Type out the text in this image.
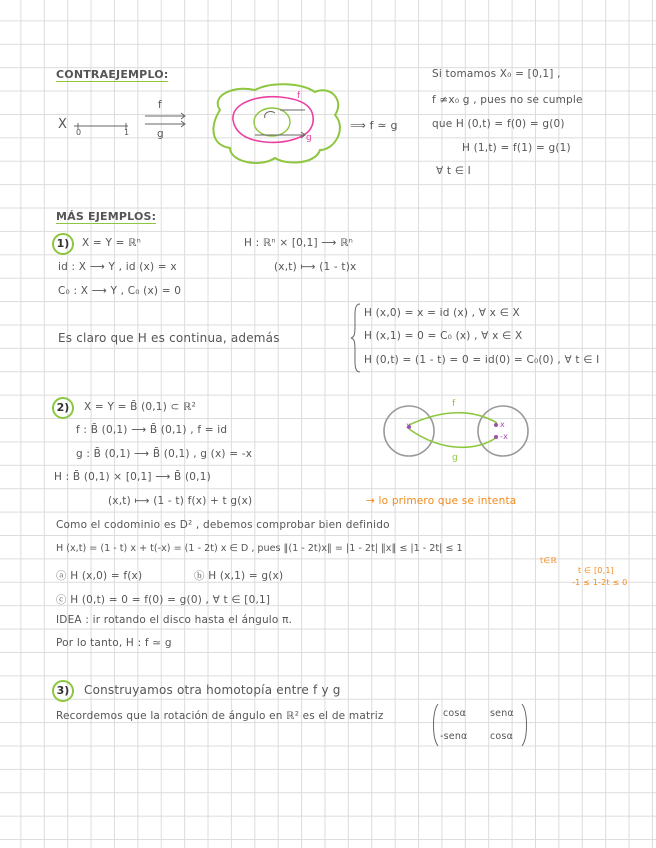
CONTRAEJEMPLO:
X
0	1
f
g
f
g
⟹ f ≃ g
Si tomamos X₀ = [0,1] ,
f ≄x₀ g , pues no se cumple
que H (0,t) = f(0) = g(0)
H (1,t) = f(1) = g(1)
∀ t ∈ I
MÁS EJEMPLOS:
1)	X = Y = ℝⁿ	H : ℝⁿ × [0,1] ⟶ ℝⁿ
id : X ⟶ Y , id (x) = x	(x,t) ⟼ (1 - t)x
C₀ : X ⟶ Y , C₀ (x) = 0
Es claro que H es continua, además
H (x,0) = x = id (x) , ∀ x ∈ X
H (x,1) = 0 = C₀ (x) , ∀ x ∈ X
H (0,t) = (1 - t) = 0 = id(0) = C₀(0) , ∀ t ∈ I
2)	X = Y = B̄ (0,1) ⊂ ℝ²
f : B̄ (0,1) ⟶ B̄ (0,1) , f = id
g : B̄ (0,1) ⟶ B̄ (0,1) , g (x) = -x
H : B̄ (0,1) × [0,1] ⟶ B̄ (0,1)
(x,t) ⟼ (1 - t) f(x) + t g(x)	→ lo primero que se intenta
f
g
x	x
-x
Como el codominio es D² , debemos comprobar bien definido
H (x,t) = (1 - t) x + t(-x) = (1 - 2t) x ∈ D , pues ‖(1 - 2t)x‖ = |1 - 2t| ‖x‖ ≤ |1 - 2t| ≤ 1
t∈ℝ
t ∈ [0,1]
-1 ≤ 1-2t ≤ 0
ⓐ H (x,0) = f(x)	ⓑ H (x,1) = g(x)
ⓒ H (0,t) = 0 = f(0) = g(0) , ∀ t ∈ [0,1]
IDEA : ir rotando el disco hasta el ángulo π.
Por lo tanto, H : f ≃ g
3)	Construyamos otra homotopía entre f y g
Recordemos que la rotación de ángulo en ℝ² es el de matriz	cosα	senα
-senα cosα
